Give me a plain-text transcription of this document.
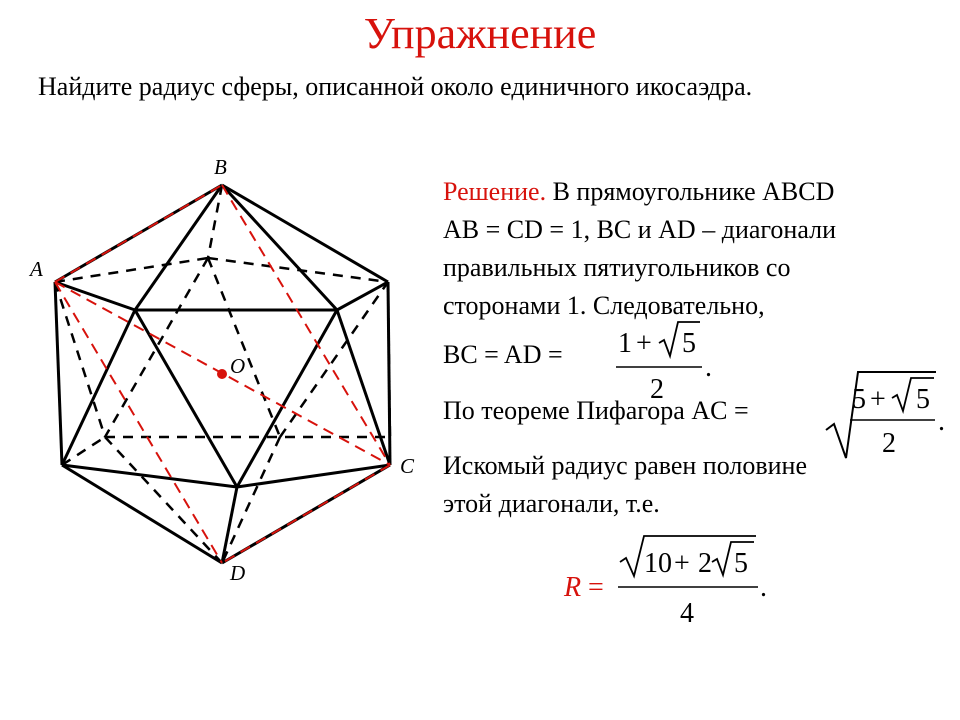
Упражнение
Найдите радиус сферы, описанной около единичного икосаэдра.
B
A
C
D
O
Решение. В прямоугольнике ABCD
AB = CD = 1, BC и AD – диагонали
правильных пятиугольников со
сторонами 1. Следовательно,
BC = AD = 1 + 5
2
.
По теореме Пифагора AC =	5 + 5
2
.
Искомый радиус равен половине
этой диагонали, т.е.
R =
10 + 2 5
4
.
